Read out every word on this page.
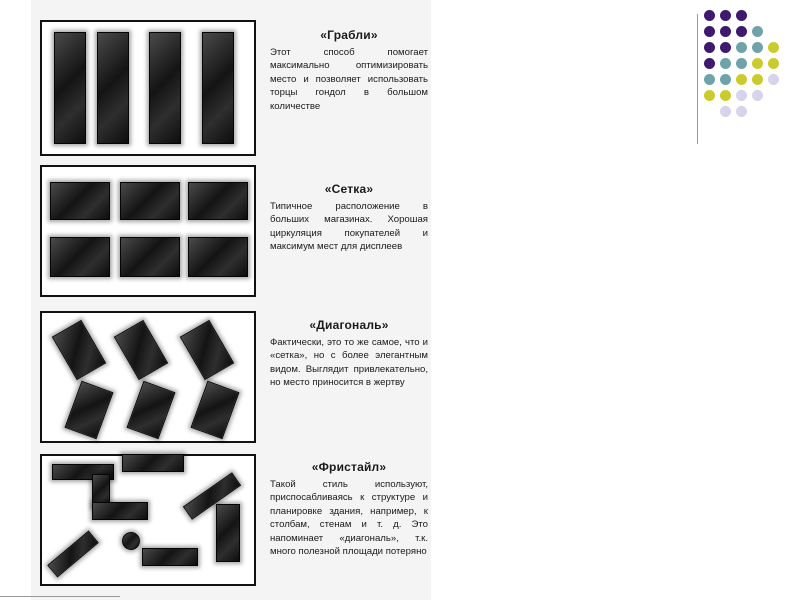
«Грабли»

Этот способ помогает максимально оптимизировать место и позволяет использовать торцы гондол в большом количестве

«Сетка»

Типичное расположение в больших магазинах. Хорошая циркуляция покупателей и максимум мест для дисплеев

«Диагональ»

Фактически, это то же самое, что и «сетка», но с более элегантным видом. Выглядит привлекательно, но место приносится в жертву

«Фристайл»

Такой стиль используют, приспосабливаясь к структуре и планировке здания, например, к столбам, стенам и т. д. Это напоминает «диагональ», т.к. много полезной площади потеряно
